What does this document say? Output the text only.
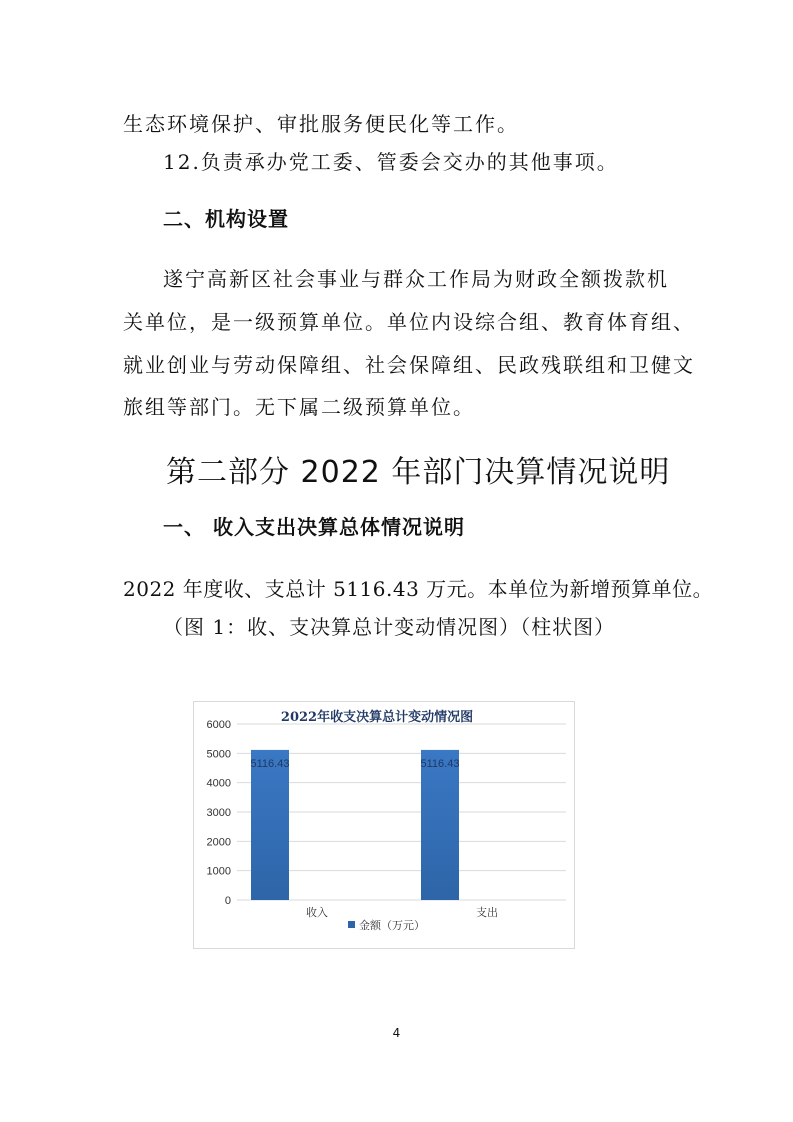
生态环境保护、审批服务便民化等工作。
12.负责承办党工委、管委会交办的其他事项。
二、机构设置
遂宁高新区社会事业与群众工作局为财政全额拨款机
关单位，是一级预算单位。单位内设综合组、教育体育组、
就业创业与劳动保障组、社会保障组、民政残联组和卫健文
旅组等部门。无下属二级预算单位。
第二部分 2022 年部门决算情况说明
一、 收入支出决算总体情况说明
2022 年度收、支总计 5116.43 万元。本单位为新增预算单位。
（图 1：收、支决算总计变动情况图）（柱状图）
0
1000
2000
3000
4000
5000
6000	2022年收支决算总计变动情况图
5116.43	5116.43
收入	支出
金额（万元）
4
